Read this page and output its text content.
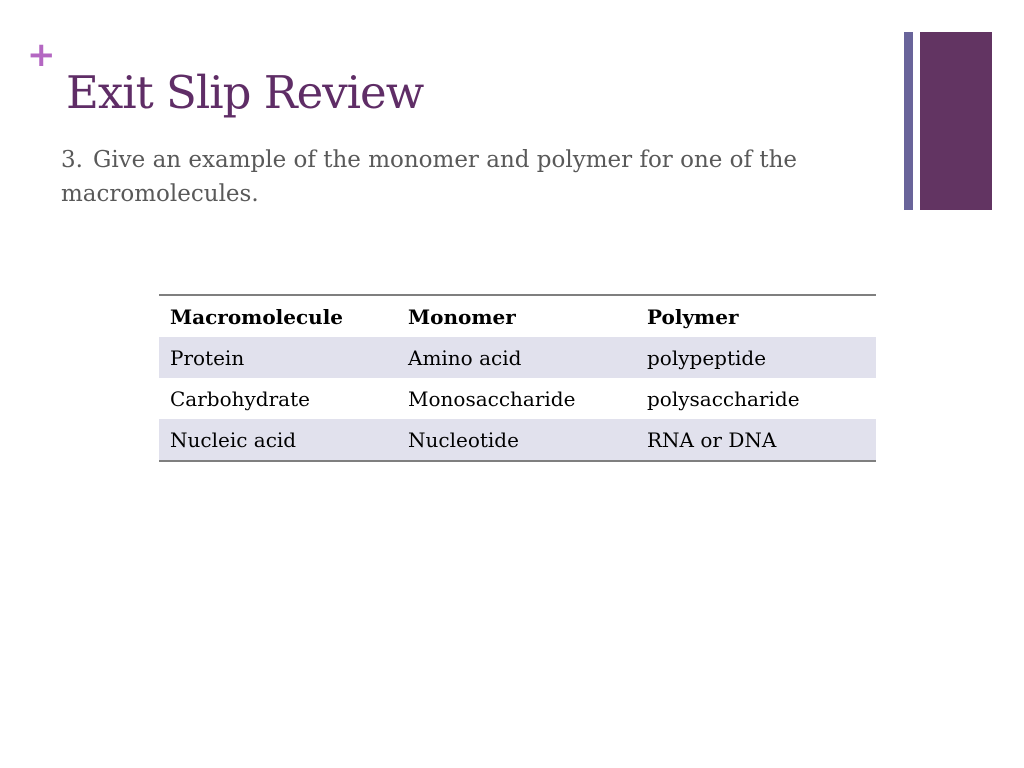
+
Exit Slip Review

3. Give an example of the monomer and polymer for one of the macromolecules.

Macromolecule	Monomer	Polymer
Protein	Amino acid	polypeptide
Carbohydrate	Monosaccharide	polysaccharide
Nucleic acid	Nucleotide	RNA or DNA
